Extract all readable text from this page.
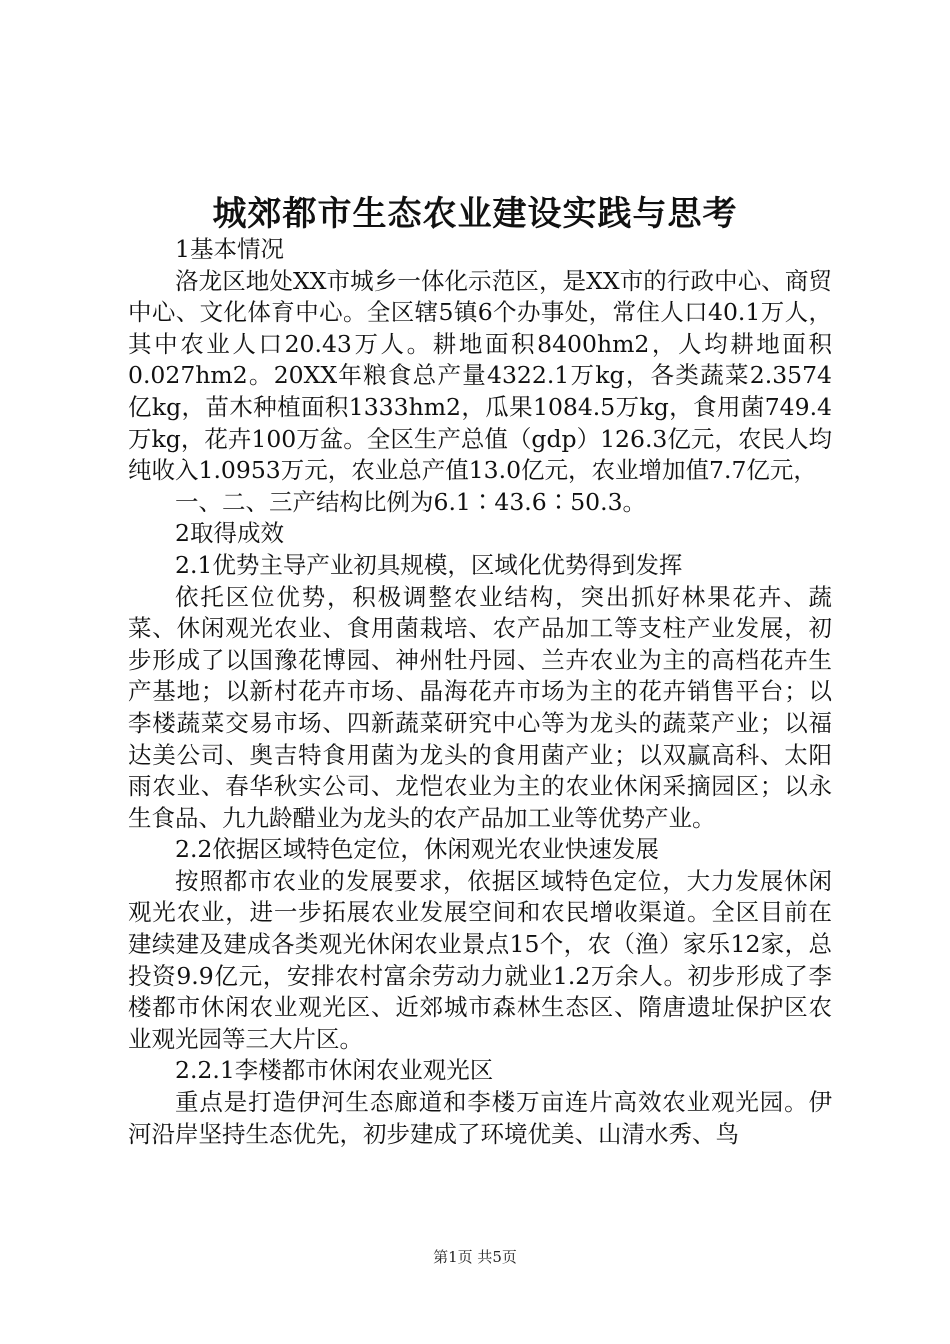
城郊都市生态农业建设实践与思考

1基本情况

洛龙区地处XX市城乡一体化示范区，是XX市的行政中心、商贸中心、文化体育中心。全区辖5镇6个办事处，常住人口40.1万人，其中农业人口20.43万人。耕地面积8400hm2，人均耕地面积0.027hm2。20XX年粮食总产量4322.1万kg，各类蔬菜2.3574亿kg，苗木种植面积1333hm2，瓜果1084.5万kg，食用菌749.4万kg，花卉100万盆。全区生产总值（gdp）126.3亿元，农民人均纯收入1.0953万元，农业总产值13.0亿元，农业增加值7.7亿元，

一、二、三产结构比例为6.1∶43.6∶50.3。

2取得成效

2.1优势主导产业初具规模，区域化优势得到发挥

依托区位优势，积极调整农业结构，突出抓好林果花卉、蔬菜、休闲观光农业、食用菌栽培、农产品加工等支柱产业发展，初步形成了以国豫花博园、神州牡丹园、兰卉农业为主的高档花卉生产基地；以新村花卉市场、晶海花卉市场为主的花卉销售平台；以李楼蔬菜交易市场、四新蔬菜研究中心等为龙头的蔬菜产业；以福达美公司、奥吉特食用菌为龙头的食用菌产业；以双赢高科、太阳雨农业、春华秋实公司、龙恺农业为主的农业休闲采摘园区；以永生食品、九九龄醋业为龙头的农产品加工业等优势产业。

2.2依据区域特色定位，休闲观光农业快速发展

按照都市农业的发展要求，依据区域特色定位，大力发展休闲观光农业，进一步拓展农业发展空间和农民增收渠道。全区目前在建续建及建成各类观光休闲农业景点15个，农（渔）家乐12家，总投资9.9亿元，安排农村富余劳动力就业1.2万余人。初步形成了李楼都市休闲农业观光区、近郊城市森林生态区、隋唐遗址保护区农业观光园等三大片区。

2.2.1李楼都市休闲农业观光区

重点是打造伊河生态廊道和李楼万亩连片高效农业观光园。伊河沿岸坚持生态优先，初步建成了环境优美、山清水秀、鸟

第1页 共5页
